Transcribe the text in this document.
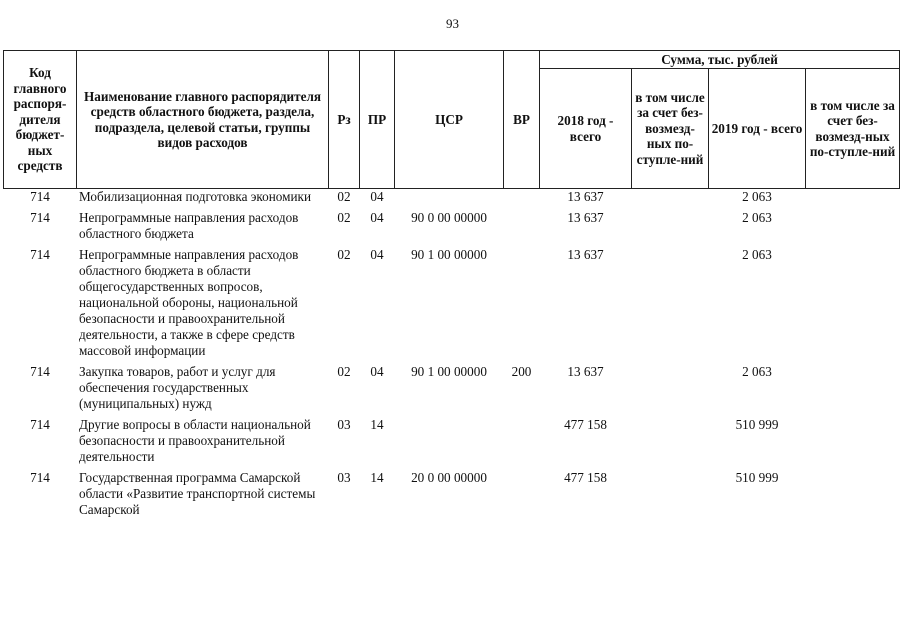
93
Код главного распоря-дителя бюджет-ных средств	Наименование главного распорядителя средств областного бюджета, раздела, подраздела, целевой статьи, группы видов расходов	Рз	ПР	ЦСР	ВР	Сумма, тыс. рублей			
						2018 год - всего	в том числе за счет без-возмезд-ных по-ступле-ний	2019 год - всего	в том числе за счет без-возмезд-ных по-ступле-ний
714	Мобилизационная подготовка экономики	02	04			13 637		2 063	
714	Непрограммные направления расходов областного бюджета	02	04	90 0 00 00000		13 637		2 063	
714	Непрограммные направления расходов областного бюджета в области общегосударственных вопросов, национальной обороны, национальной безопасности и правоохранительной деятельности, а также в сфере средств массовой информации	02	04	90 1 00 00000		13 637		2 063	
714	Закупка товаров, работ и услуг для обеспечения государственных (муниципальных) нужд	02	04	90 1 00 00000	200	13 637		2 063	
714	Другие вопросы в области национальной безопасности и правоохранительной деятельности	03	14			477 158		510 999	
714	Государственная программа Самарской области «Развитие транспортной системы Самарской	03	14	20 0 00 00000		477 158		510 999	
